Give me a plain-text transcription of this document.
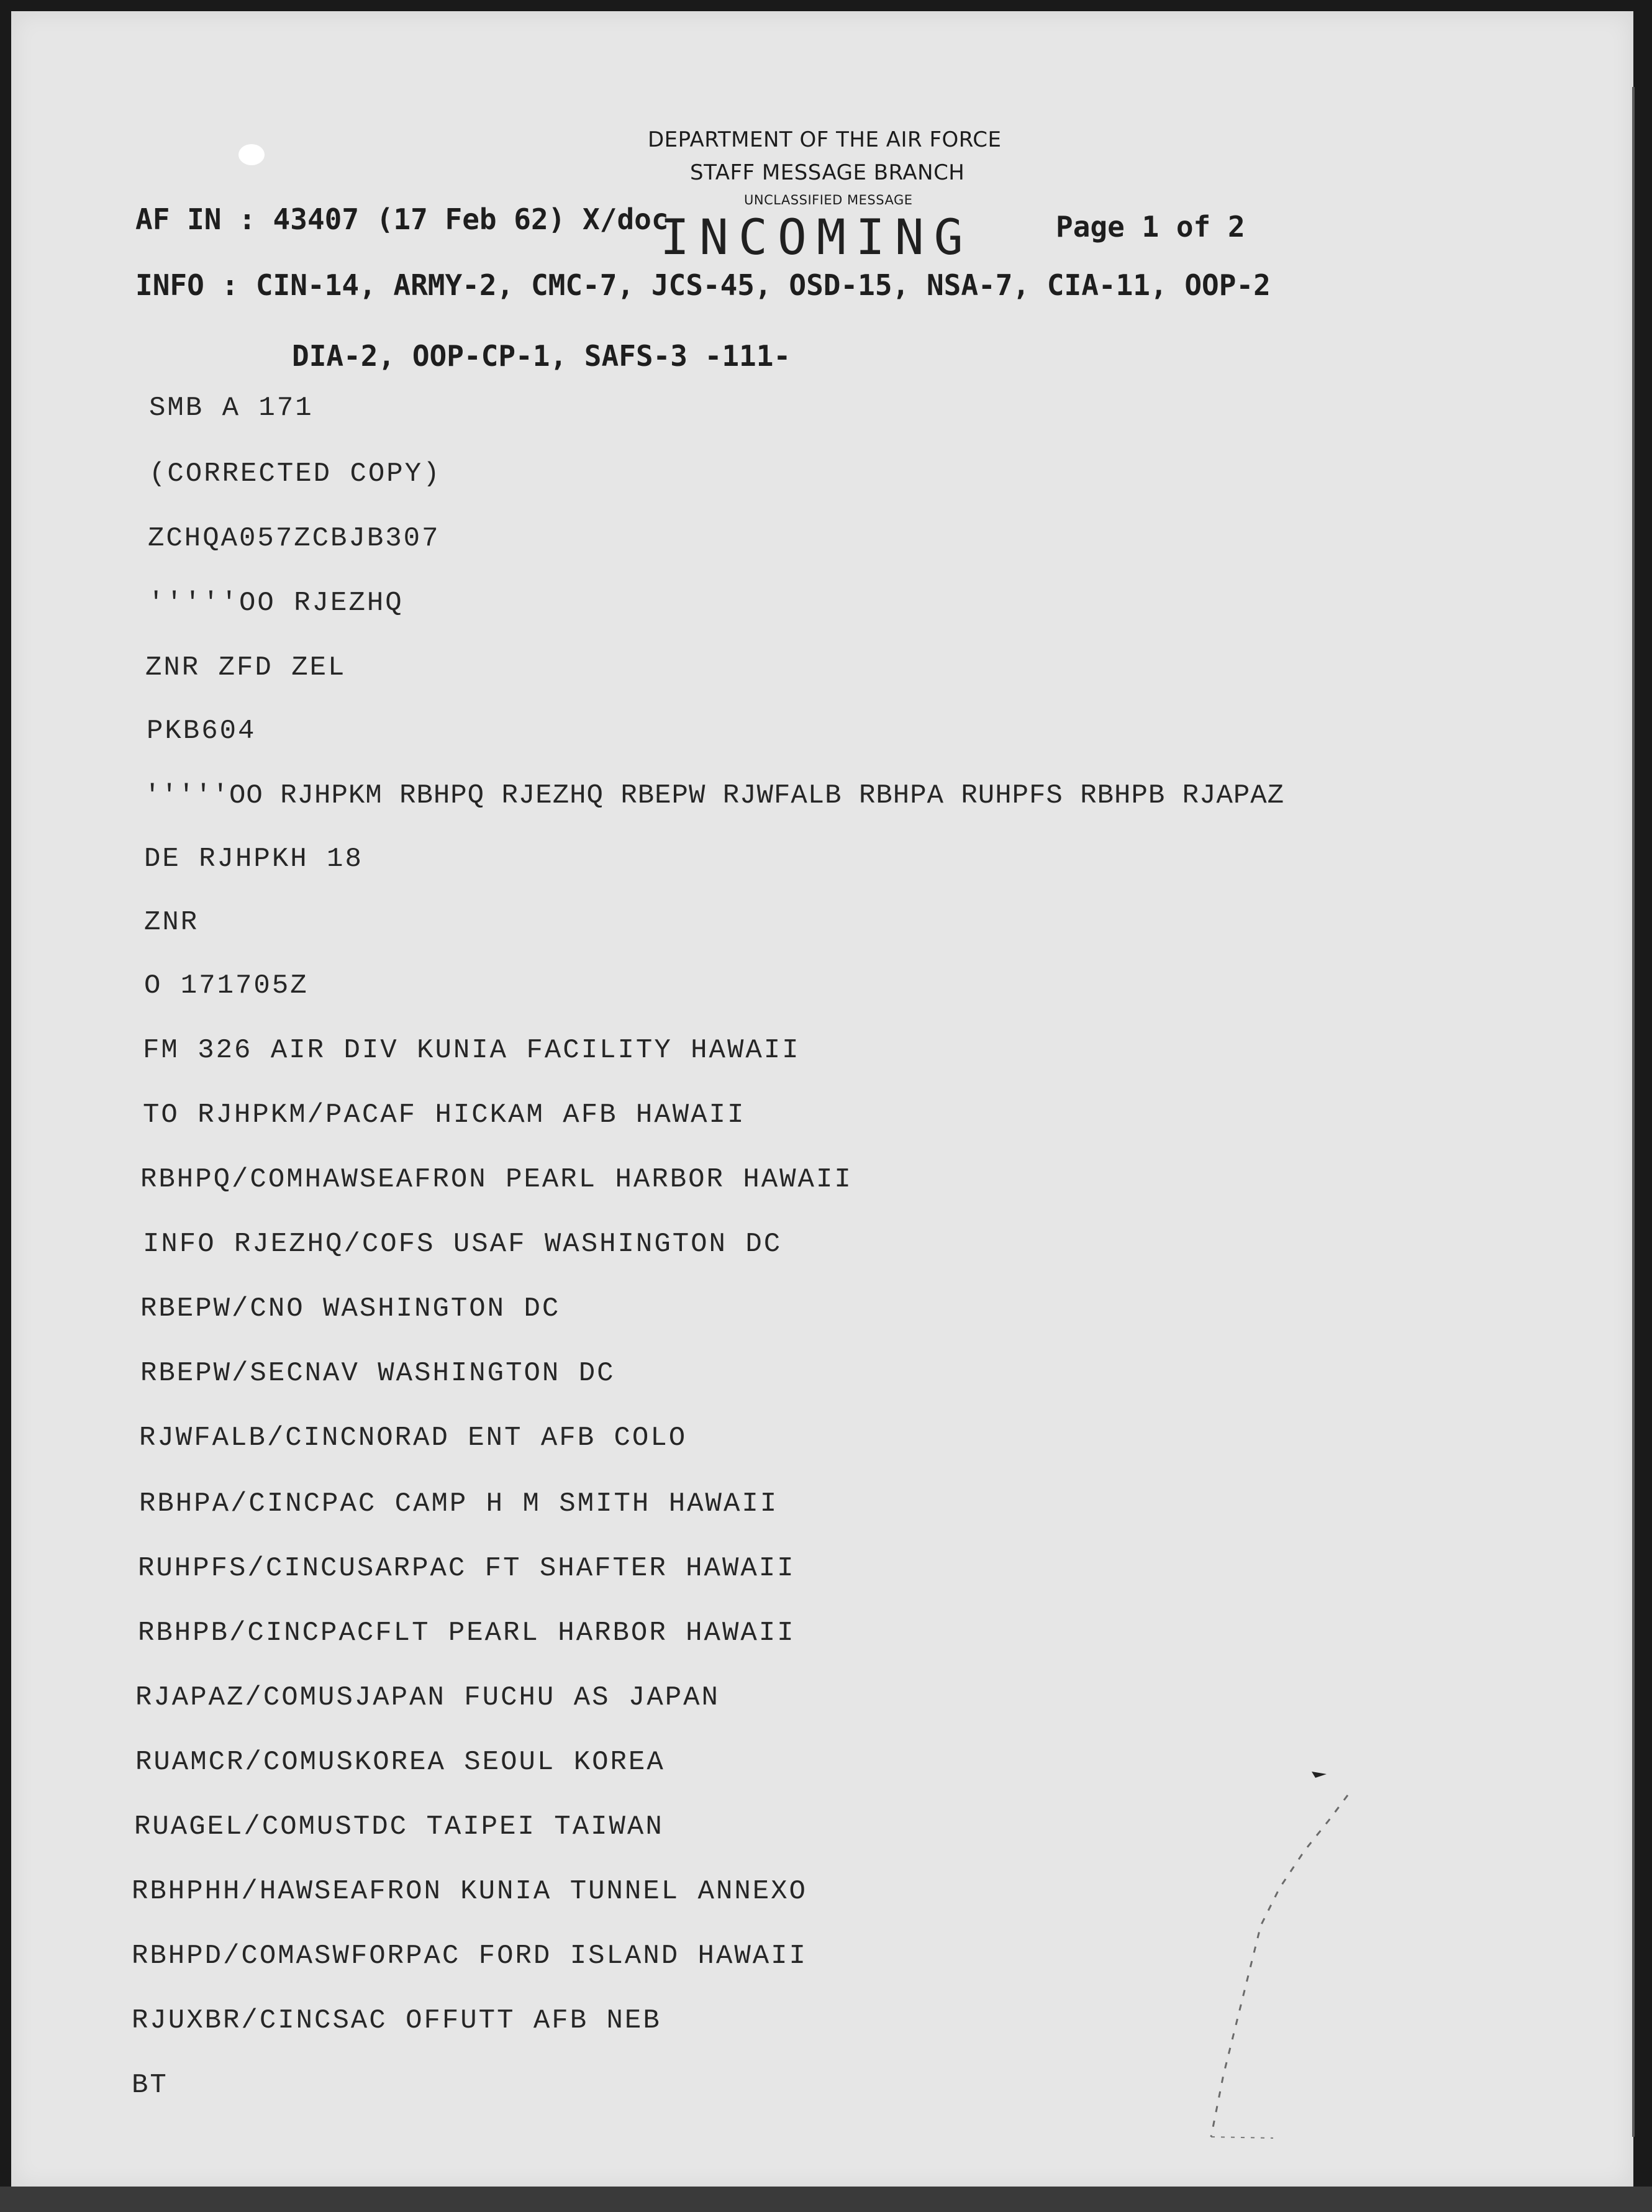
DEPARTMENT OF THE AIR FORCE
STAFF MESSAGE BRANCH
UNCLASSIFIED MESSAGE
INCOMING
AF IN : 43407 (17 Feb 62) X/doc	Page 1 of 2
INFO : CIN-14, ARMY-2, CMC-7, JCS-45, OSD-15, NSA-7, CIA-11, OOP-2
DIA-2, OOP-CP-1, SAFS-3 -111-
SMB A 171
(CORRECTED COPY)
ZCHQA057ZCBJB307
'''''OO RJEZHQ
ZNR ZFD ZEL
PKB604
'''''OO RJHPKM RBHPQ RJEZHQ RBEPW RJWFALB RBHPA RUHPFS RBHPB RJAPAZ
DE RJHPKH 18
ZNR
O 171705Z
FM 326 AIR DIV KUNIA FACILITY HAWAII
TO RJHPKM/PACAF HICKAM AFB HAWAII
RBHPQ/COMHAWSEAFRON PEARL HARBOR HAWAII
INFO RJEZHQ/COFS USAF WASHINGTON DC
RBEPW/CNO WASHINGTON DC
RBEPW/SECNAV WASHINGTON DC
RJWFALB/CINCNORAD ENT AFB COLO
RBHPA/CINCPAC CAMP H M SMITH HAWAII
RUHPFS/CINCUSARPAC FT SHAFTER HAWAII
RBHPB/CINCPACFLT PEARL HARBOR HAWAII
RJAPAZ/COMUSJAPAN FUCHU AS JAPAN
RUAMCR/COMUSKOREA SEOUL KOREA
RUAGEL/COMUSTDC TAIPEI TAIWAN
RBHPHH/HAWSEAFRON KUNIA TUNNEL ANNEXO
RBHPD/COMASWFORPAC FORD ISLAND HAWAII
RJUXBR/CINCSAC OFFUTT AFB NEB
BT
